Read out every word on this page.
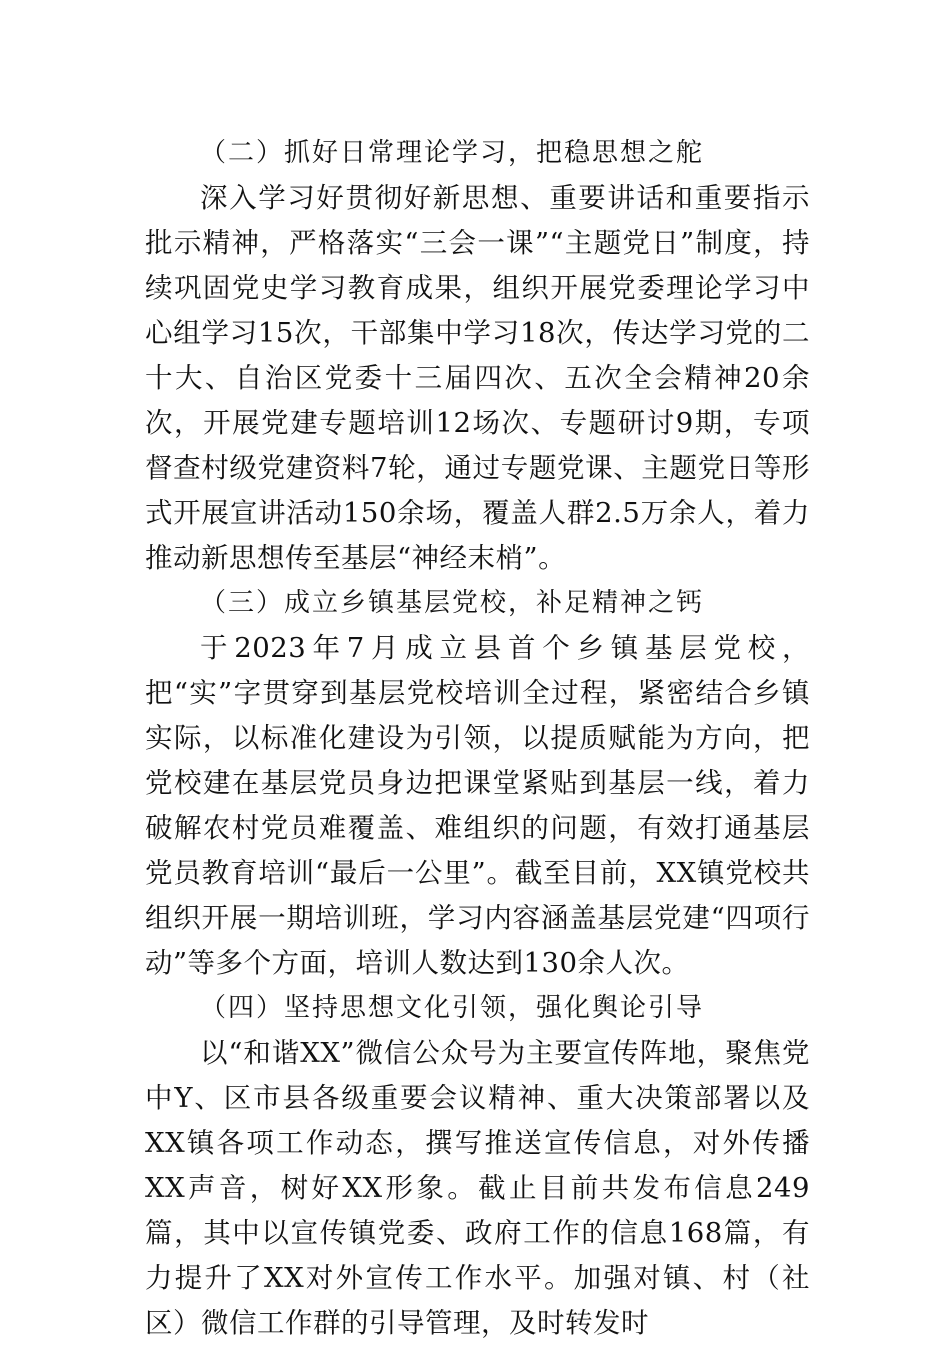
（二）抓好日常理论学习，把稳思想之舵

深入学习好贯彻好新思想、重要讲话和重要指示批示精神，严格落实“三会一课”“主题党日”制度，持续巩固党史学习教育成果，组织开展党委理论学习中心组学习15次，干部集中学习18次，传达学习党的二十大、自治区党委十三届四次、五次全会精神20余次，开展党建专题培训12场次、专题研讨9期，专项督查村级党建资料7轮，通过专题党课、主题党日等形式开展宣讲活动150余场，覆盖人群2.5万余人，着力推动新思想传至基层“神经末梢”。

（三）成立乡镇基层党校，补足精神之钙

于2023年7月成立县首个乡镇基层党校，把“实”字贯穿到基层党校培训全过程，紧密结合乡镇实际，以标准化建设为引领，以提质赋能为方向，把党校建在基层党员身边把课堂紧贴到基层一线，着力破解农村党员难覆盖、难组织的问题，有效打通基层党员教育培训“最后一公里”。截至目前，XX镇党校共组织开展一期培训班，学习内容涵盖基层党建“四项行动”等多个方面，培训人数达到130余人次。

（四）坚持思想文化引领，强化舆论引导

以“和谐XX”微信公众号为主要宣传阵地，聚焦党中Y、区市县各级重要会议精神、重大决策部署以及XX镇各项工作动态，撰写推送宣传信息，对外传播XX声音，树好XX形象。截止目前共发布信息249篇，其中以宣传镇党委、政府工作的信息168篇，有力提升了XX对外宣传工作水平。加强对镇、村（社区）微信工作群的引导管理，及时转发时
